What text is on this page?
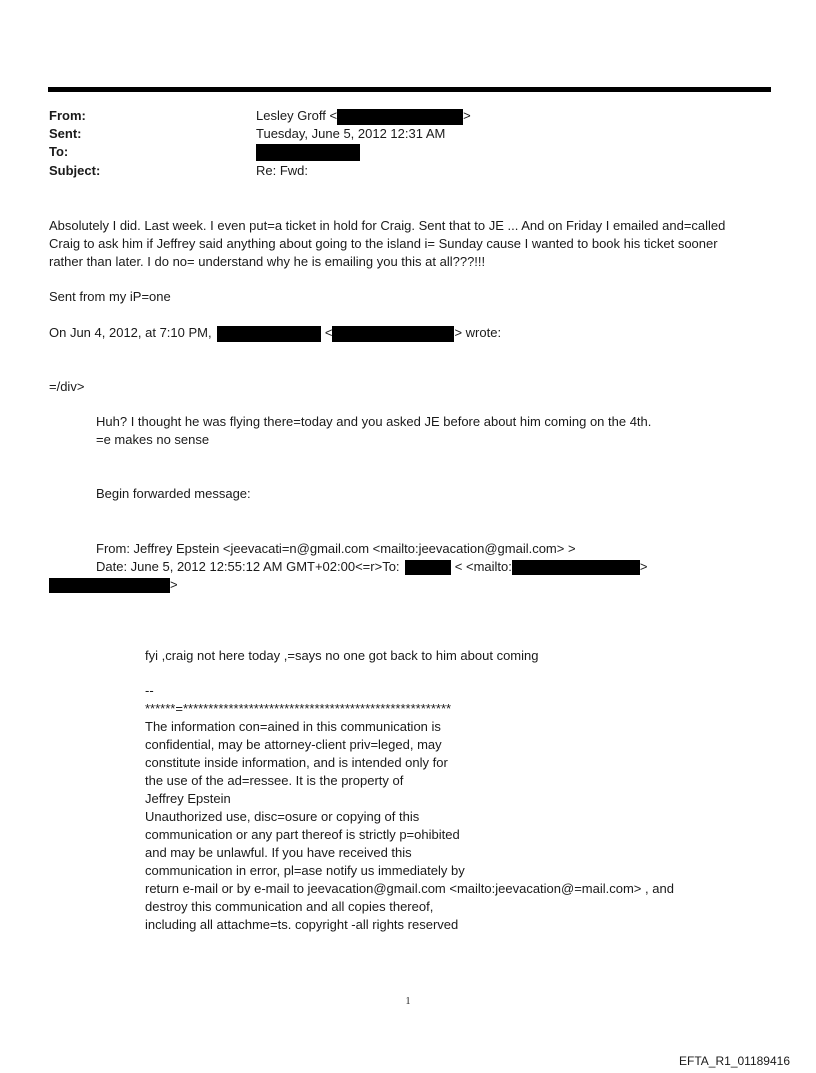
From:	Lesley Groff <	>
Sent:	Tuesday, June 5, 2012 12:31 AM
To:
Subject:	Re: Fwd:
Absolutely I did. Last week. I even put=a ticket in hold for Craig. Sent that to JE ... And on Friday I emailed and=called
Craig to ask him if Jeffrey said anything about going to the island i= Sunday cause I wanted to book his ticket sooner
rather than later. I do no= understand why he is emailing you this at all???!!!
Sent from my iP=one
On Jun 4, 2012, at 7:10 PM,	<	> wrote:
=/div>
Huh? I thought he was flying there=today and you asked JE before about him coming on the 4th.
=e makes no sense
Begin forwarded message:
From: Jeffrey Epstein <jeevacati=n@gmail.com <mailto:jeevacation@gmail.com> >
Date: June 5, 2012 12:55:12 AM GMT+02:00<=r>To:	< <mailto:	>
>
fyi ,craig not here today ,=says no one got back to him about coming
--
******=*****************************************************
The information con=ained in this communication is
confidential, may be attorney-client priv=leged, may
constitute inside information, and is intended only for
the use of the ad=ressee. It is the property of
Jeffrey Epstein
Unauthorized use, disc=osure or copying of this
communication or any part thereof is strictly p=ohibited
and may be unlawful. If you have received this
communication in error, pl=ase notify us immediately by
return e-mail or by e-mail to jeevacation@gmail.com <mailto:jeevacation@=mail.com> , and
destroy this communication and all copies thereof,
including all attachme=ts. copyright -all rights reserved
1
EFTA_R1_01189416
